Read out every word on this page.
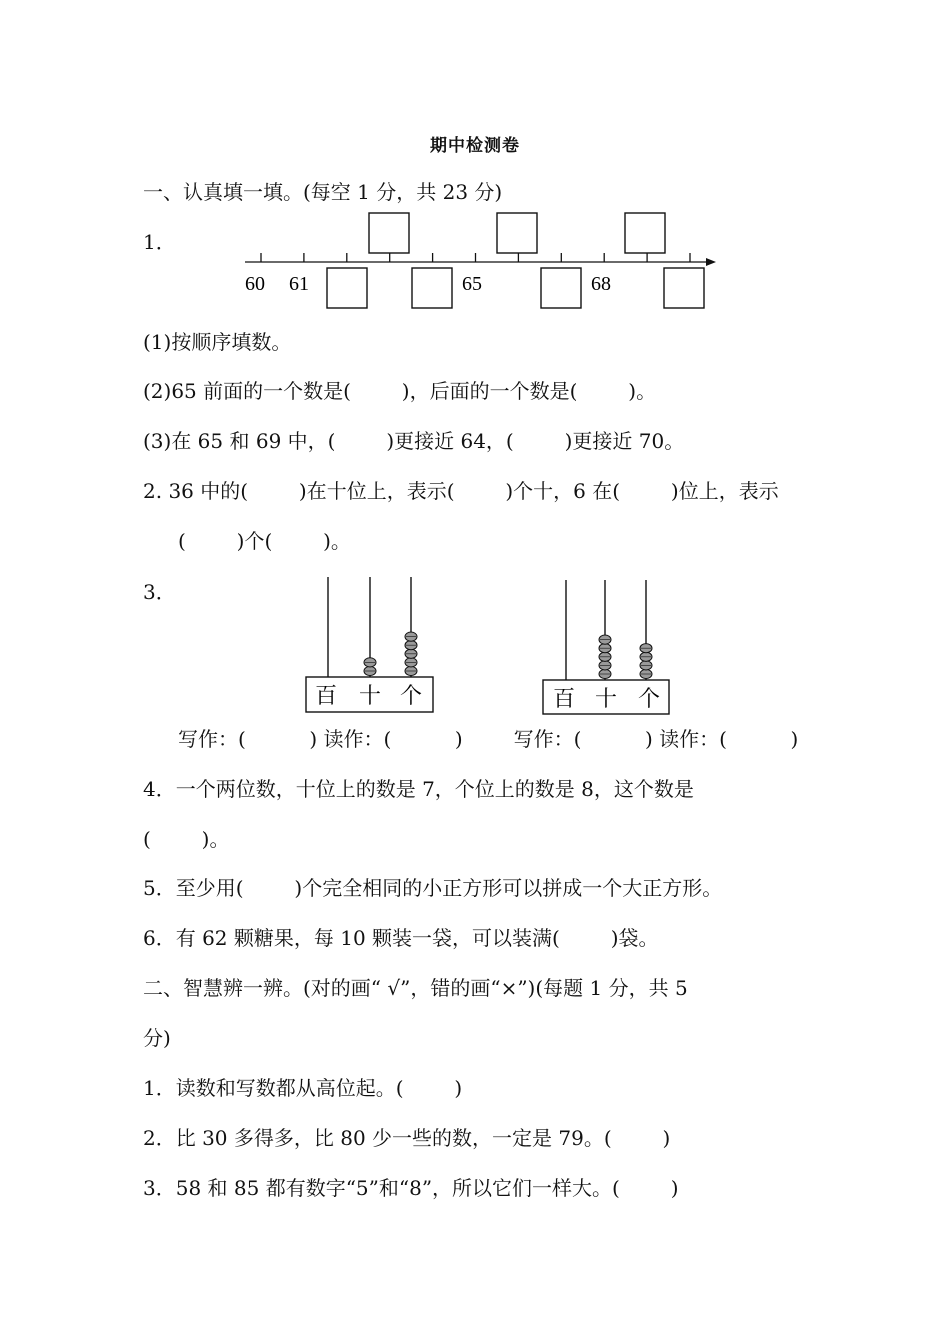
期中检测卷
一、认真填一填。(每空 1 分，共 23 分)
1．
60 61	65	68
(1)按顺序填数。
(2)65 前面的一个数是(        )，后面的一个数是(        )。
(3)在 65 和 69 中，(        )更接近 64，(        )更接近 70。
2. 36 中的(        )在十位上，表示(        )个十，6 在(        )位上，表示
(        )个(        )。
3．
百 十 个	百 十 个
写作：(          ) 读作：(          )        写作：(          ) 读作：(          )
4．一个两位数，十位上的数是 7，个位上的数是 8，这个数是
(        )。
5．至少用(        )个完全相同的小正方形可以拼成一个大正方形。
6．有 62 颗糖果，每 10 颗装一袋，可以装满(        )袋。
二、智慧辨一辨。(对的画“ √”，错的画“×”)(每题 1 分，共 5
分)
1．读数和写数都从高位起。(        )
2．比 30 多得多，比 80 少一些的数，一定是 79。(        )
3．58 和 85 都有数字“5”和“8”，所以它们一样大。(        )
